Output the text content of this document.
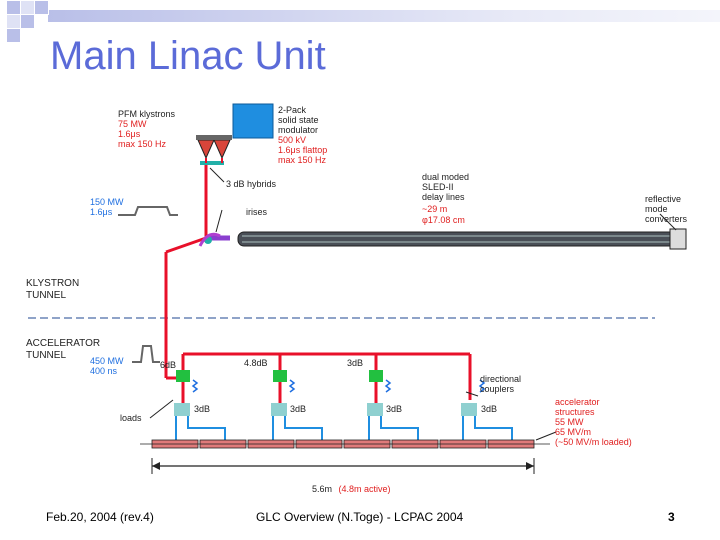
Main Linac Unit
PFM klystrons 75 MW 1.6μs max 150 Hz
2-Pack solid state modulator 500 kV 1.6μs flattop max 150 Hz
3 dB hybrids
irises
150 MW 1.6μs
dual moded SLED-II delay lines ~29 m φ17.08 cm
reflective mode converters
KLYSTRON TUNNEL
ACCELERATOR TUNNEL	450 MW 400 ns
6dB	4.8dB	3dB
3dB	3dB	3dB	3dB
loads
directional couplers
accelerator structures 55 MW 65 MV/m (~50 MV/m loaded)
5.6m (4.8m active)
Feb.20, 2004 (rev.4)	GLC Overview (N.Toge) - LCPAC 2004	3
